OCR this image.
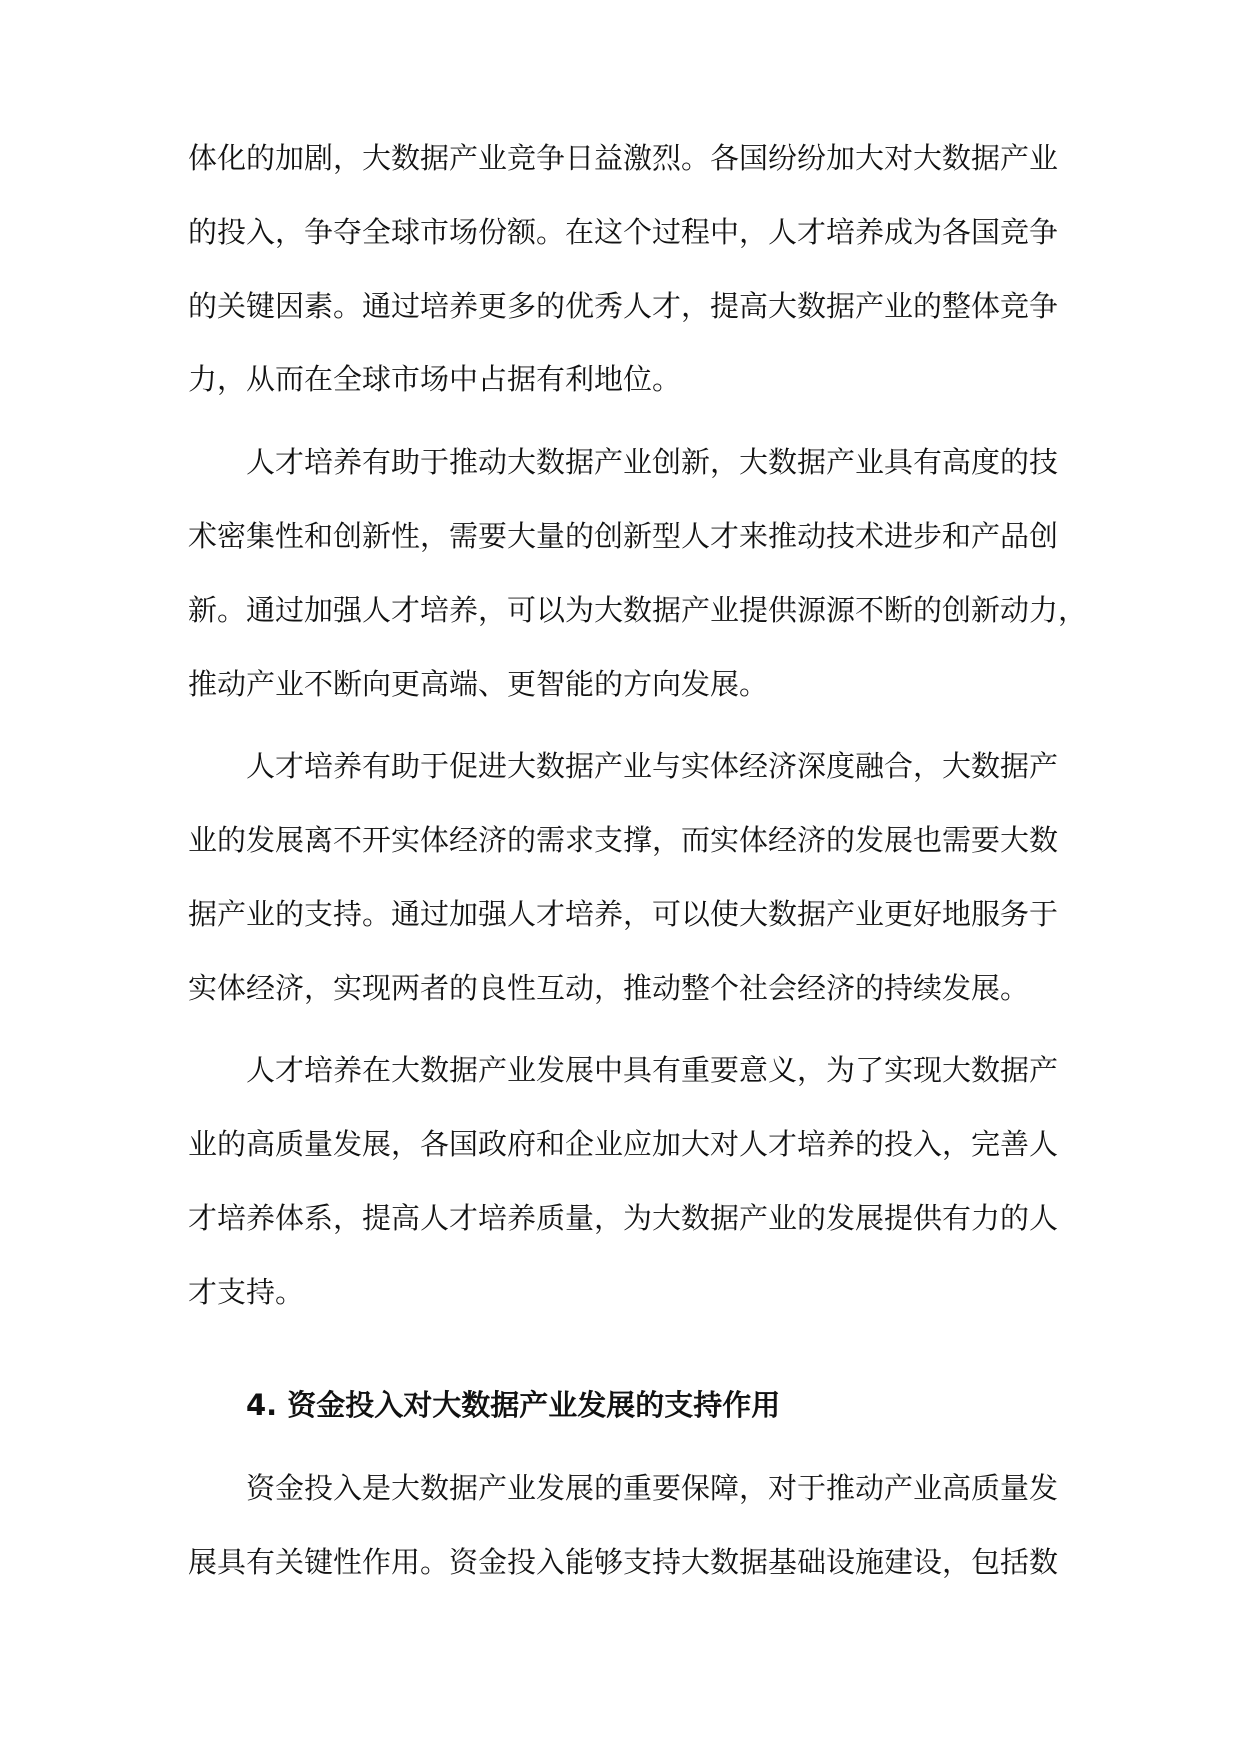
体化的加剧，大数据产业竞争日益激烈。各国纷纷加大对大数据产业
的投入，争夺全球市场份额。在这个过程中，人才培养成为各国竞争
的关键因素。通过培养更多的优秀人才，提高大数据产业的整体竞争
力，从而在全球市场中占据有利地位。
人才培养有助于推动大数据产业创新，大数据产业具有高度的技
术密集性和创新性，需要大量的创新型人才来推动技术进步和产品创
新。通过加强人才培养，可以为大数据产业提供源源不断的创新动力，
推动产业不断向更高端、更智能的方向发展。
人才培养有助于促进大数据产业与实体经济深度融合，大数据产
业的发展离不开实体经济的需求支撑，而实体经济的发展也需要大数
据产业的支持。通过加强人才培养，可以使大数据产业更好地服务于
实体经济，实现两者的良性互动，推动整个社会经济的持续发展。
人才培养在大数据产业发展中具有重要意义，为了实现大数据产
业的高质量发展，各国政府和企业应加大对人才培养的投入，完善人
才培养体系，提高人才培养质量，为大数据产业的发展提供有力的人
才支持。
4. 资金投入对大数据产业发展的支持作用
资金投入是大数据产业发展的重要保障，对于推动产业高质量发
展具有关键性作用。资金投入能够支持大数据基础设施建设，包括数
